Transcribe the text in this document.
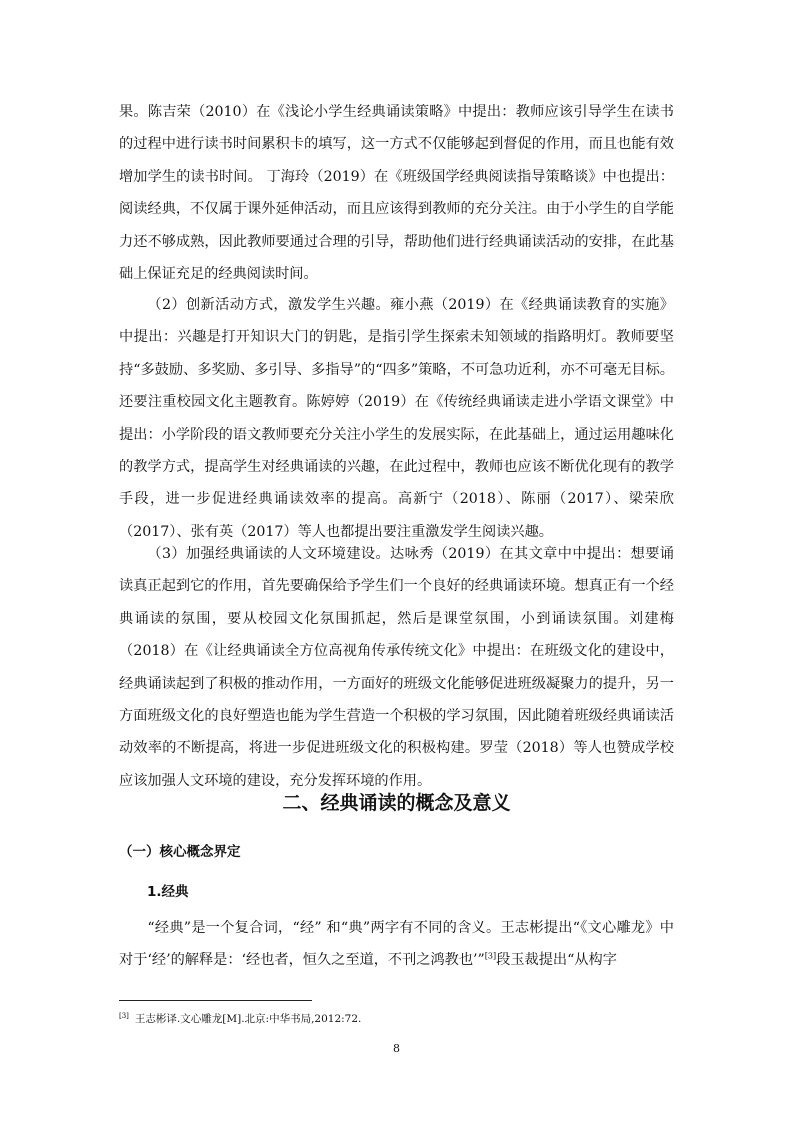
果。陈吉荣（2010）在《浅论小学生经典诵读策略》中提出：教师应该引导学生在读书的过程中进行读书时间累积卡的填写，这一方式不仅能够起到督促的作用，而且也能有效增加学生的读书时间。 丁海玲（2019）在《班级国学经典阅读指导策略谈》中也提出：阅读经典，不仅属于课外延伸活动，而且应该得到教师的充分关注。由于小学生的自学能力还不够成熟，因此教师要通过合理的引导，帮助他们进行经典诵读活动的安排，在此基础上保证充足的经典阅读时间。

（2）创新活动方式，激发学生兴趣。雍小燕（2019）在《经典诵读教育的实施》中提出：兴趣是打开知识大门的钥匙，是指引学生探索未知领域的指路明灯。教师要坚持“多鼓励、多奖励、多引导、多指导”的“四多”策略，不可急功近利，亦不可毫无目标。还要注重校园文化主题教育。陈婷婷（2019）在《传统经典诵读走进小学语文课堂》中提出：小学阶段的语文教师要充分关注小学生的发展实际，在此基础上，通过运用趣味化的教学方式，提高学生对经典诵读的兴趣，在此过程中，教师也应该不断优化现有的教学手段，进一步促进经典诵读效率的提高。高新宁（2018）、陈丽（2017）、梁荣欣（2017）、张有英（2017）等人也都提出要注重激发学生阅读兴趣。

（3）加强经典诵读的人文环境建设。达咏秀（2019）在其文章中中提出：想要诵读真正起到它的作用，首先要确保给予学生们一个良好的经典诵读环境。想真正有一个经典诵读的氛围，要从校园文化氛围抓起，然后是课堂氛围，小到诵读氛围。刘建梅（2018）在《让经典诵读全方位高视角传承传统文化》中提出：在班级文化的建设中，经典诵读起到了积极的推动作用，一方面好的班级文化能够促进班级凝聚力的提升，另一方面班级文化的良好塑造也能为学生营造一个积极的学习氛围，因此随着班级经典诵读活动效率的不断提高，将进一步促进班级文化的积极构建。罗莹（2018）等人也赞成学校应该加强人文环境的建设，充分发挥环境的作用。

二、经典诵读的概念及意义
（一）核心概念界定
1.经典

“经典”是一个复合词，“经” 和“典”两字有不同的含义。王志彬提出“《文心雕龙》中对于‘经’的解释是：‘经也者，恒久之至道，不刊之鸿教也’”[3]段玉裁提出“从构字

[3] 王志彬译.文心雕龙[M].北京:中华书局,2012:72.

8
